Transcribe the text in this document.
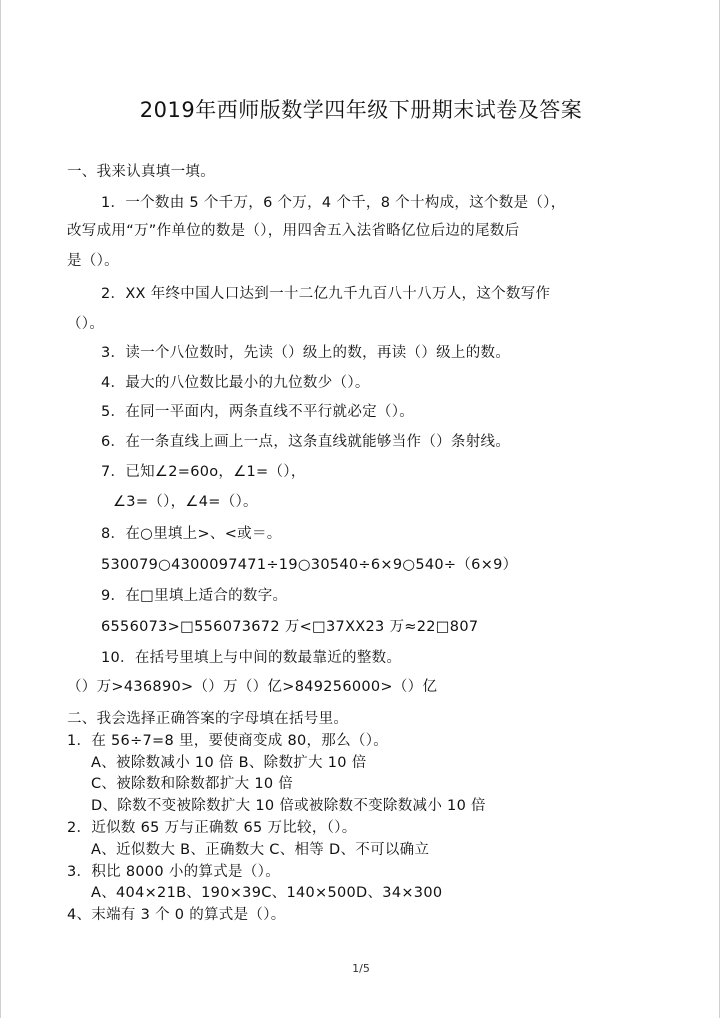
2019年西师版数学四年级下册期末试卷及答案
一、我来认真填一填。
1．一个数由 5 个千万，6 个万，4 个千，8 个十构成，这个数是（），
改写成用“万”作单位的数是（），用四舍五入法省略亿位后边的尾数后
是（）。
2．XX 年终中国人口达到一十二亿九千九百八十八万人，这个数写作
（）。
3．读一个八位数时，先读（）级上的数，再读（）级上的数。
4．最大的八位数比最小的九位数少（）。
5．在同一平面内，两条直线不平行就必定（）。
6．在一条直线上画上一点，这条直线就能够当作（）条射线。
7．已知∠2=60o，∠1=（），
∠3=（），∠4=（）。
8．在○里填上>、<或＝。
530079○4300097471÷19○30540÷6×9○540÷（6×9）
9．在□里填上适合的数字。
6556073>□556073672 万<□37XX23 万≈22□807
10．在括号里填上与中间的数最靠近的整数。
（）万>436890>（）万（）亿>849256000>（）亿
二、我会选择正确答案的字母填在括号里。
1．在 56÷7=8 里，要使商变成 80，那么（）。
A、被除数减小 10 倍 B、除数扩大 10 倍
C、被除数和除数都扩大 10 倍
D、除数不变被除数扩大 10 倍或被除数不变除数减小 10 倍
2．近似数 65 万与正确数 65 万比较，（）。
A、近似数大 B、正确数大 C、相等 D、不可以确立
3．积比 8000 小的算式是（）。
A、404×21B、190×39C、140×500D、34×300
4、末端有 3 个 0 的算式是（）。
1/5
